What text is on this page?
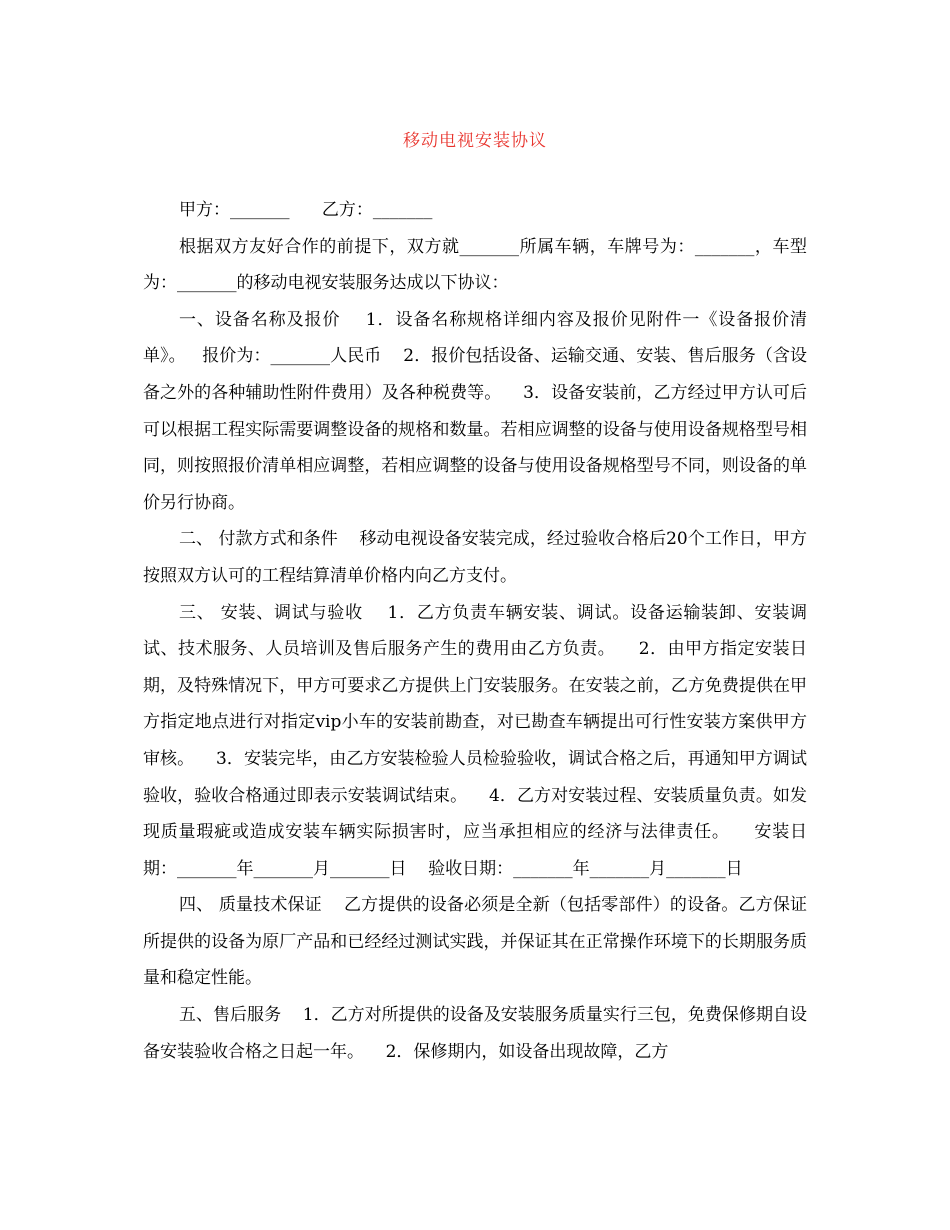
移动电视安装协议

甲方：_______      乙方：_______

根据双方友好合作的前提下，双方就_______所属车辆，车牌号为：_______，车型为：_______的移动电视安装服务达成以下协议：

一、设备名称及报价    1．设备名称规格详细内容及报价见附件一《设备报价清单》。   报价为：_______人民币    2．报价包括设备、运输交通、安装、售后服务（含设备之外的各种辅助性附件费用）及各种税费等。    3．设备安装前，乙方经过甲方认可后可以根据工程实际需要调整设备的规格和数量。若相应调整的设备与使用设备规格型号相同，则按照报价清单相应调整，若相应调整的设备与使用设备规格型号不同，则设备的单价另行协商。

二、 付款方式和条件    移动电视设备安装完成，经过验收合格后20个工作日，甲方按照双方认可的工程结算清单价格内向乙方支付。

三、 安装、调试与验收    1．乙方负责车辆安装、调试。设备运输装卸、安装调试、技术服务、人员培训及售后服务产生的费用由乙方负责。    2．由甲方指定安装日期，及特殊情况下，甲方可要求乙方提供上门安装服务。在安装之前，乙方免费提供在甲方指定地点进行对指定vip小车的安装前勘查，对已勘查车辆提出可行性安装方案供甲方审核。    3．安装完毕，由乙方安装检验人员检验验收，调试合格之后，再通知甲方调试验收，验收合格通过即表示安装调试结束。    4．乙方对安装过程、安装质量负责。如发现质量瑕疵或造成安装车辆实际损害时，应当承担相应的经济与法律责任。    安装日期：_______年_______月_______日    验收日期：_______年_______月_______日

四、 质量技术保证    乙方提供的设备必须是全新（包括零部件）的设备。乙方保证所提供的设备为原厂产品和已经经过测试实践，并保证其在正常操作环境下的长期服务质量和稳定性能。

五、售后服务    1．乙方对所提供的设备及安装服务质量实行三包，免费保修期自设备安装验收合格之日起一年。    2．保修期内，如设备出现故障，乙方
